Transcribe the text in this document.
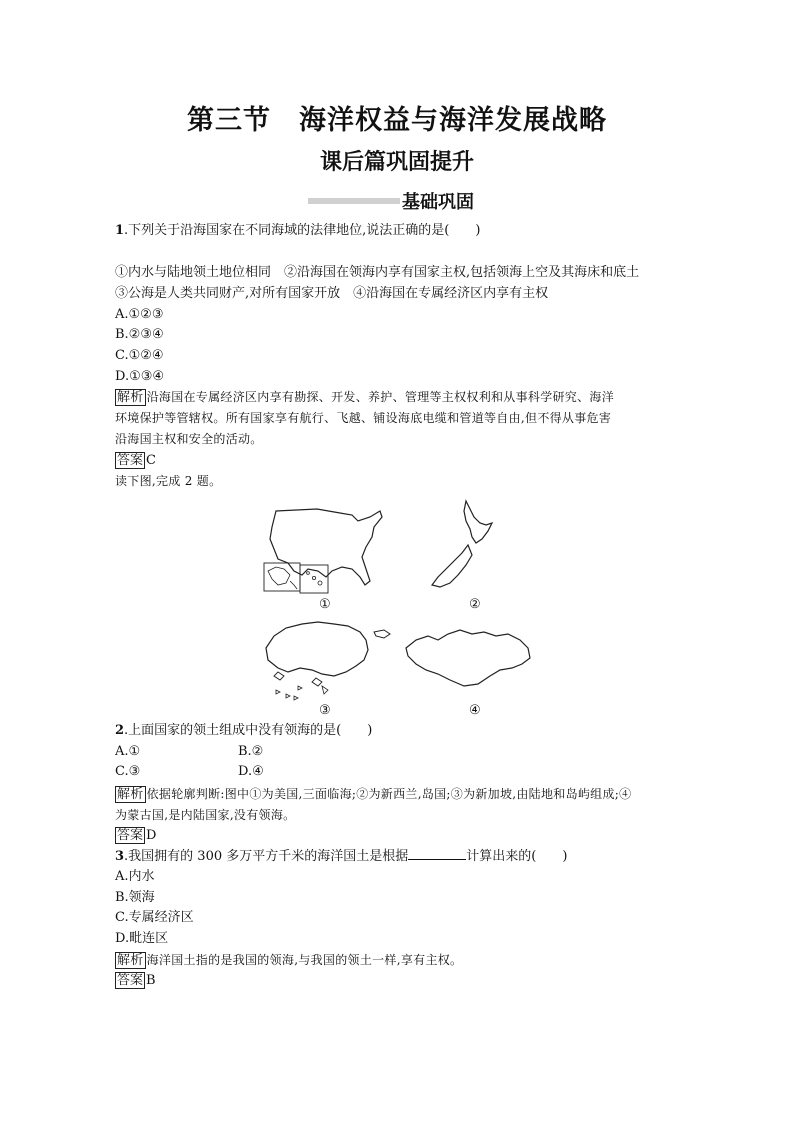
第三节　海洋权益与海洋发展战略
课后篇巩固提升
基础巩固
1.下列关于沿海国家在不同海域的法律地位,说法正确的是(　　)
①内水与陆地领土地位相同　②沿海国在领海内享有国家主权,包括领海上空及其海床和底土
③公海是人类共同财产,对所有国家开放　④沿海国在专属经济区内享有主权
A.①②③
B.②③④
C.①②④
D.①③④
解析 沿海国在专属经济区内享有勘探、开发、养护、管理等主权权利和从事科学研究、海洋
环境保护等管辖权。所有国家享有航行、飞越、铺设海底电缆和管道等自由,但不得从事危害
沿海国主权和安全的活动。
答案 C
读下图,完成 2 题。
①	②
③	④
2.上面国家的领土组成中没有领海的是(　　)
A.①	B.②
C.③	D.④
解析 依据轮廓判断:图中①为美国,三面临海;②为新西兰,岛国;③为新加坡,由陆地和岛屿组成;④
为蒙古国,是内陆国家,没有领海。
答案 D
3.我国拥有的 300 多万平方千米的海洋国土是根据	计算出来的(　　)
A.内水
B.领海
C.专属经济区
D.毗连区
解析 海洋国土指的是我国的领海,与我国的领土一样,享有主权。
答案 B
